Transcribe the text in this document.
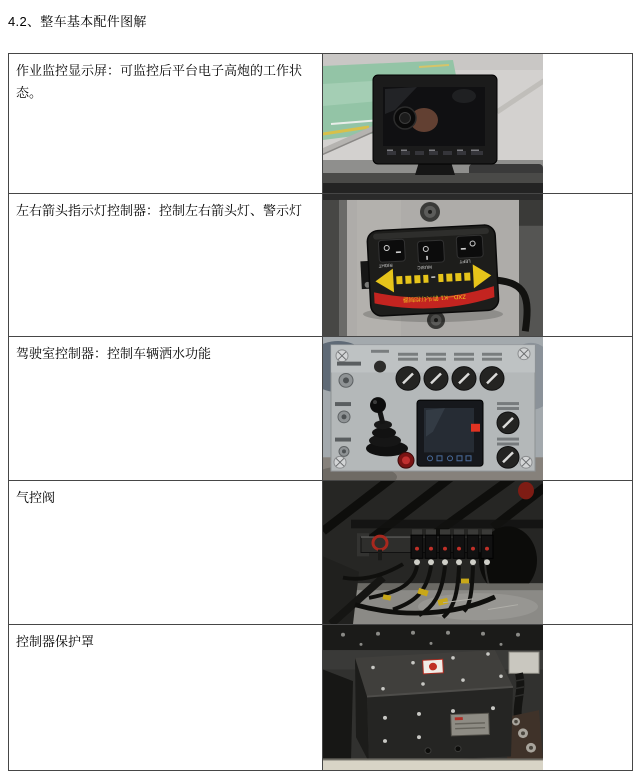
4.2、整车基本配件图解
作业监控显示屏：可监控后平台电子高炮的工作状态。
左右箭头指示灯控制器：控制左右箭头灯、警示灯
RIGHT	MUSIC
LEFT
ZXD—K1 箭头灯控制器
驾驶室控制器：控制车辆洒水功能
气控阀
控制器保护罩
